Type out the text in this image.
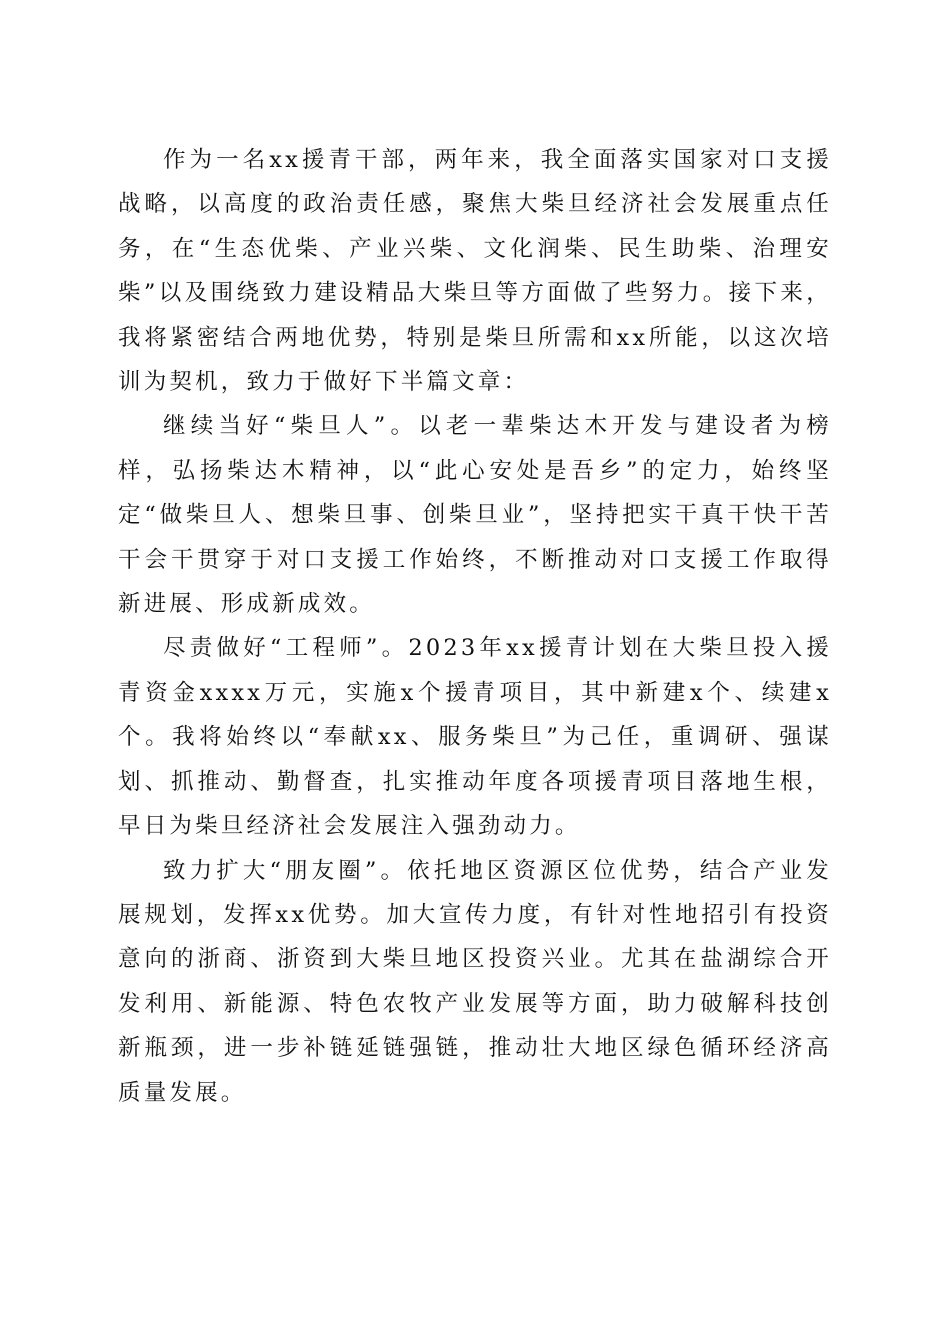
作为一名xx援青干部，两年来，我全面落实国家对口支援战略，以高度的政治责任感，聚焦大柴旦经济社会发展重点任务，在“生态优柴、产业兴柴、文化润柴、民生助柴、治理安柴”以及围绕致力建设精品大柴旦等方面做了些努力。接下来，我将紧密结合两地优势，特别是柴旦所需和xx所能，以这次培训为契机，致力于做好下半篇文章：

继续当好“柴旦人”。以老一辈柴达木开发与建设者为榜样，弘扬柴达木精神，以“此心安处是吾乡”的定力，始终坚定“做柴旦人、想柴旦事、创柴旦业”，坚持把实干真干快干苦干会干贯穿于对口支援工作始终，不断推动对口支援工作取得新进展、形成新成效。

尽责做好“工程师”。2023年xx援青计划在大柴旦投入援青资金xxxx万元，实施x个援青项目，其中新建x个、续建x个。我将始终以“奉献xx、服务柴旦”为己任，重调研、强谋划、抓推动、勤督查，扎实推动年度各项援青项目落地生根，早日为柴旦经济社会发展注入强劲动力。

致力扩大“朋友圈”。依托地区资源区位优势，结合产业发展规划，发挥xx优势。加大宣传力度，有针对性地招引有投资意向的浙商、浙资到大柴旦地区投资兴业。尤其在盐湖综合开发利用、新能源、特色农牧产业发展等方面，助力破解科技创新瓶颈，进一步补链延链强链，推动壮大地区绿色循环经济高质量发展。
